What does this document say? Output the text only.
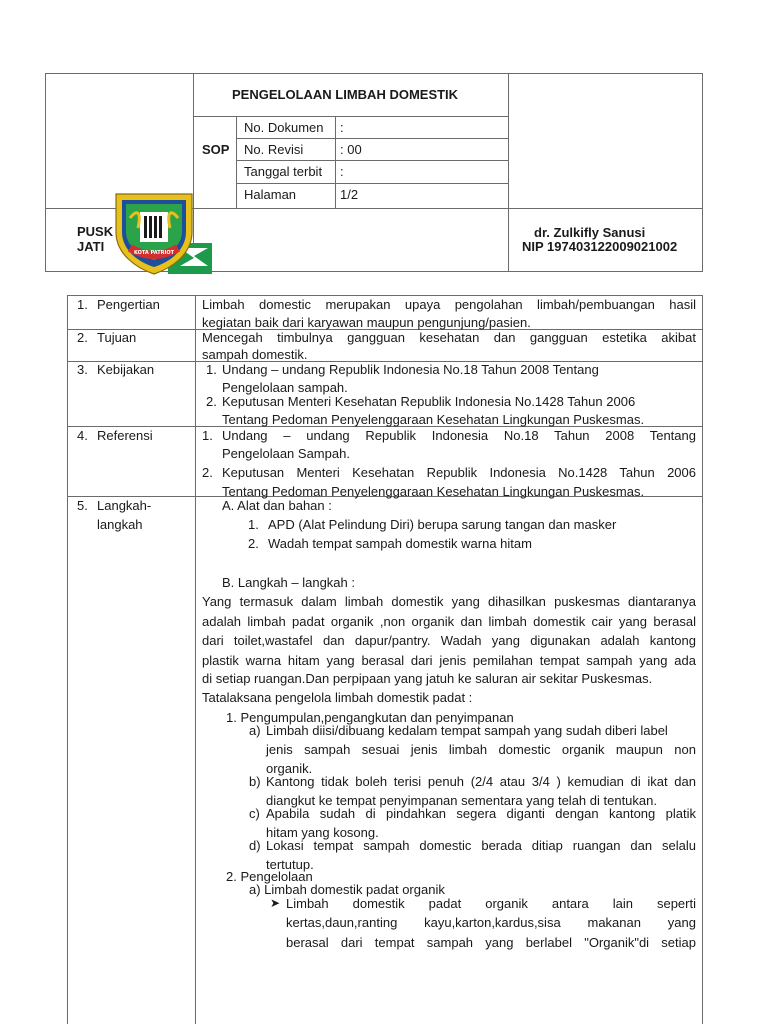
PENGELOLAAN LIMBAH DOMESTIK
SOP
No. Dokumen :
No. Revisi	: 00
Tanggal terbit :
Halaman	1/2
PUSK
JATI
dr. Zulkifly Sanusi
NIP 197403122009021002
KOTA PATRIOT
1. Pengertian	Limbah domestic merupakan upaya pengolahan limbah/pembuangan hasil
kegiatan baik dari karyawan maupun pengunjung/pasien.
2. Tujuan	Mencegah timbulnya gangguan kesehatan dan gangguan estetika akibat
sampah domestik.
3. Kebijakan	1. Undang – undang Republik Indonesia No.18 Tahun 2008 Tentang
Pengelolaan sampah.
2. Keputusan Menteri Kesehatan Republik Indonesia No.1428 Tahun 2006
Tentang Pedoman Penyelenggaraan Kesehatan Lingkungan Puskesmas.
4. Referensi	1. Undang – undang Republik Indonesia No.18 Tahun 2008 Tentang
Pengelolaan Sampah.
2. Keputusan Menteri Kesehatan Republik Indonesia No.1428 Tahun 2006
Tentang Pedoman Penyelenggaraan Kesehatan Lingkungan Puskesmas.
5. Langkah-
langkah
A. Alat dan bahan :
1. APD (Alat Pelindung Diri) berupa sarung tangan dan masker
2. Wadah tempat sampah domestik warna hitam
B. Langkah – langkah :
Yang termasuk dalam limbah domestik yang dihasilkan puskesmas diantaranya
adalah limbah padat organik ,non organik dan limbah domestik cair yang berasal
dari toilet,wastafel dan dapur/pantry. Wadah yang digunakan adalah kantong
plastik warna hitam yang berasal dari jenis pemilahan tempat sampah yang ada
di setiap ruangan.Dan perpipaan yang jatuh ke saluran air sekitar Puskesmas.
Tatalaksana pengelola limbah domestik padat :
1. Pengumpulan,pengangkutan dan penyimpanan
a) Limbah diisi/dibuang kedalam tempat sampah yang sudah diberi label
jenis sampah sesuai jenis limbah domestic organik maupun non
organik.
b) Kantong tidak boleh terisi penuh (2/4 atau 3/4 ) kemudian di ikat dan
diangkut ke tempat penyimpanan sementara yang telah di tentukan.
c) Apabila sudah di pindahkan segera diganti dengan kantong platik
hitam yang kosong.
d) Lokasi tempat sampah domestic berada ditiap ruangan dan selalu
tertutup.
2. Pengelolaan
a) Limbah domestik padat organik
➤ Limbah domestik padat organik antara lain seperti
kertas,daun,ranting kayu,karton,kardus,sisa makanan yang
berasal dari tempat sampah yang berlabel "Organik"di setiap
